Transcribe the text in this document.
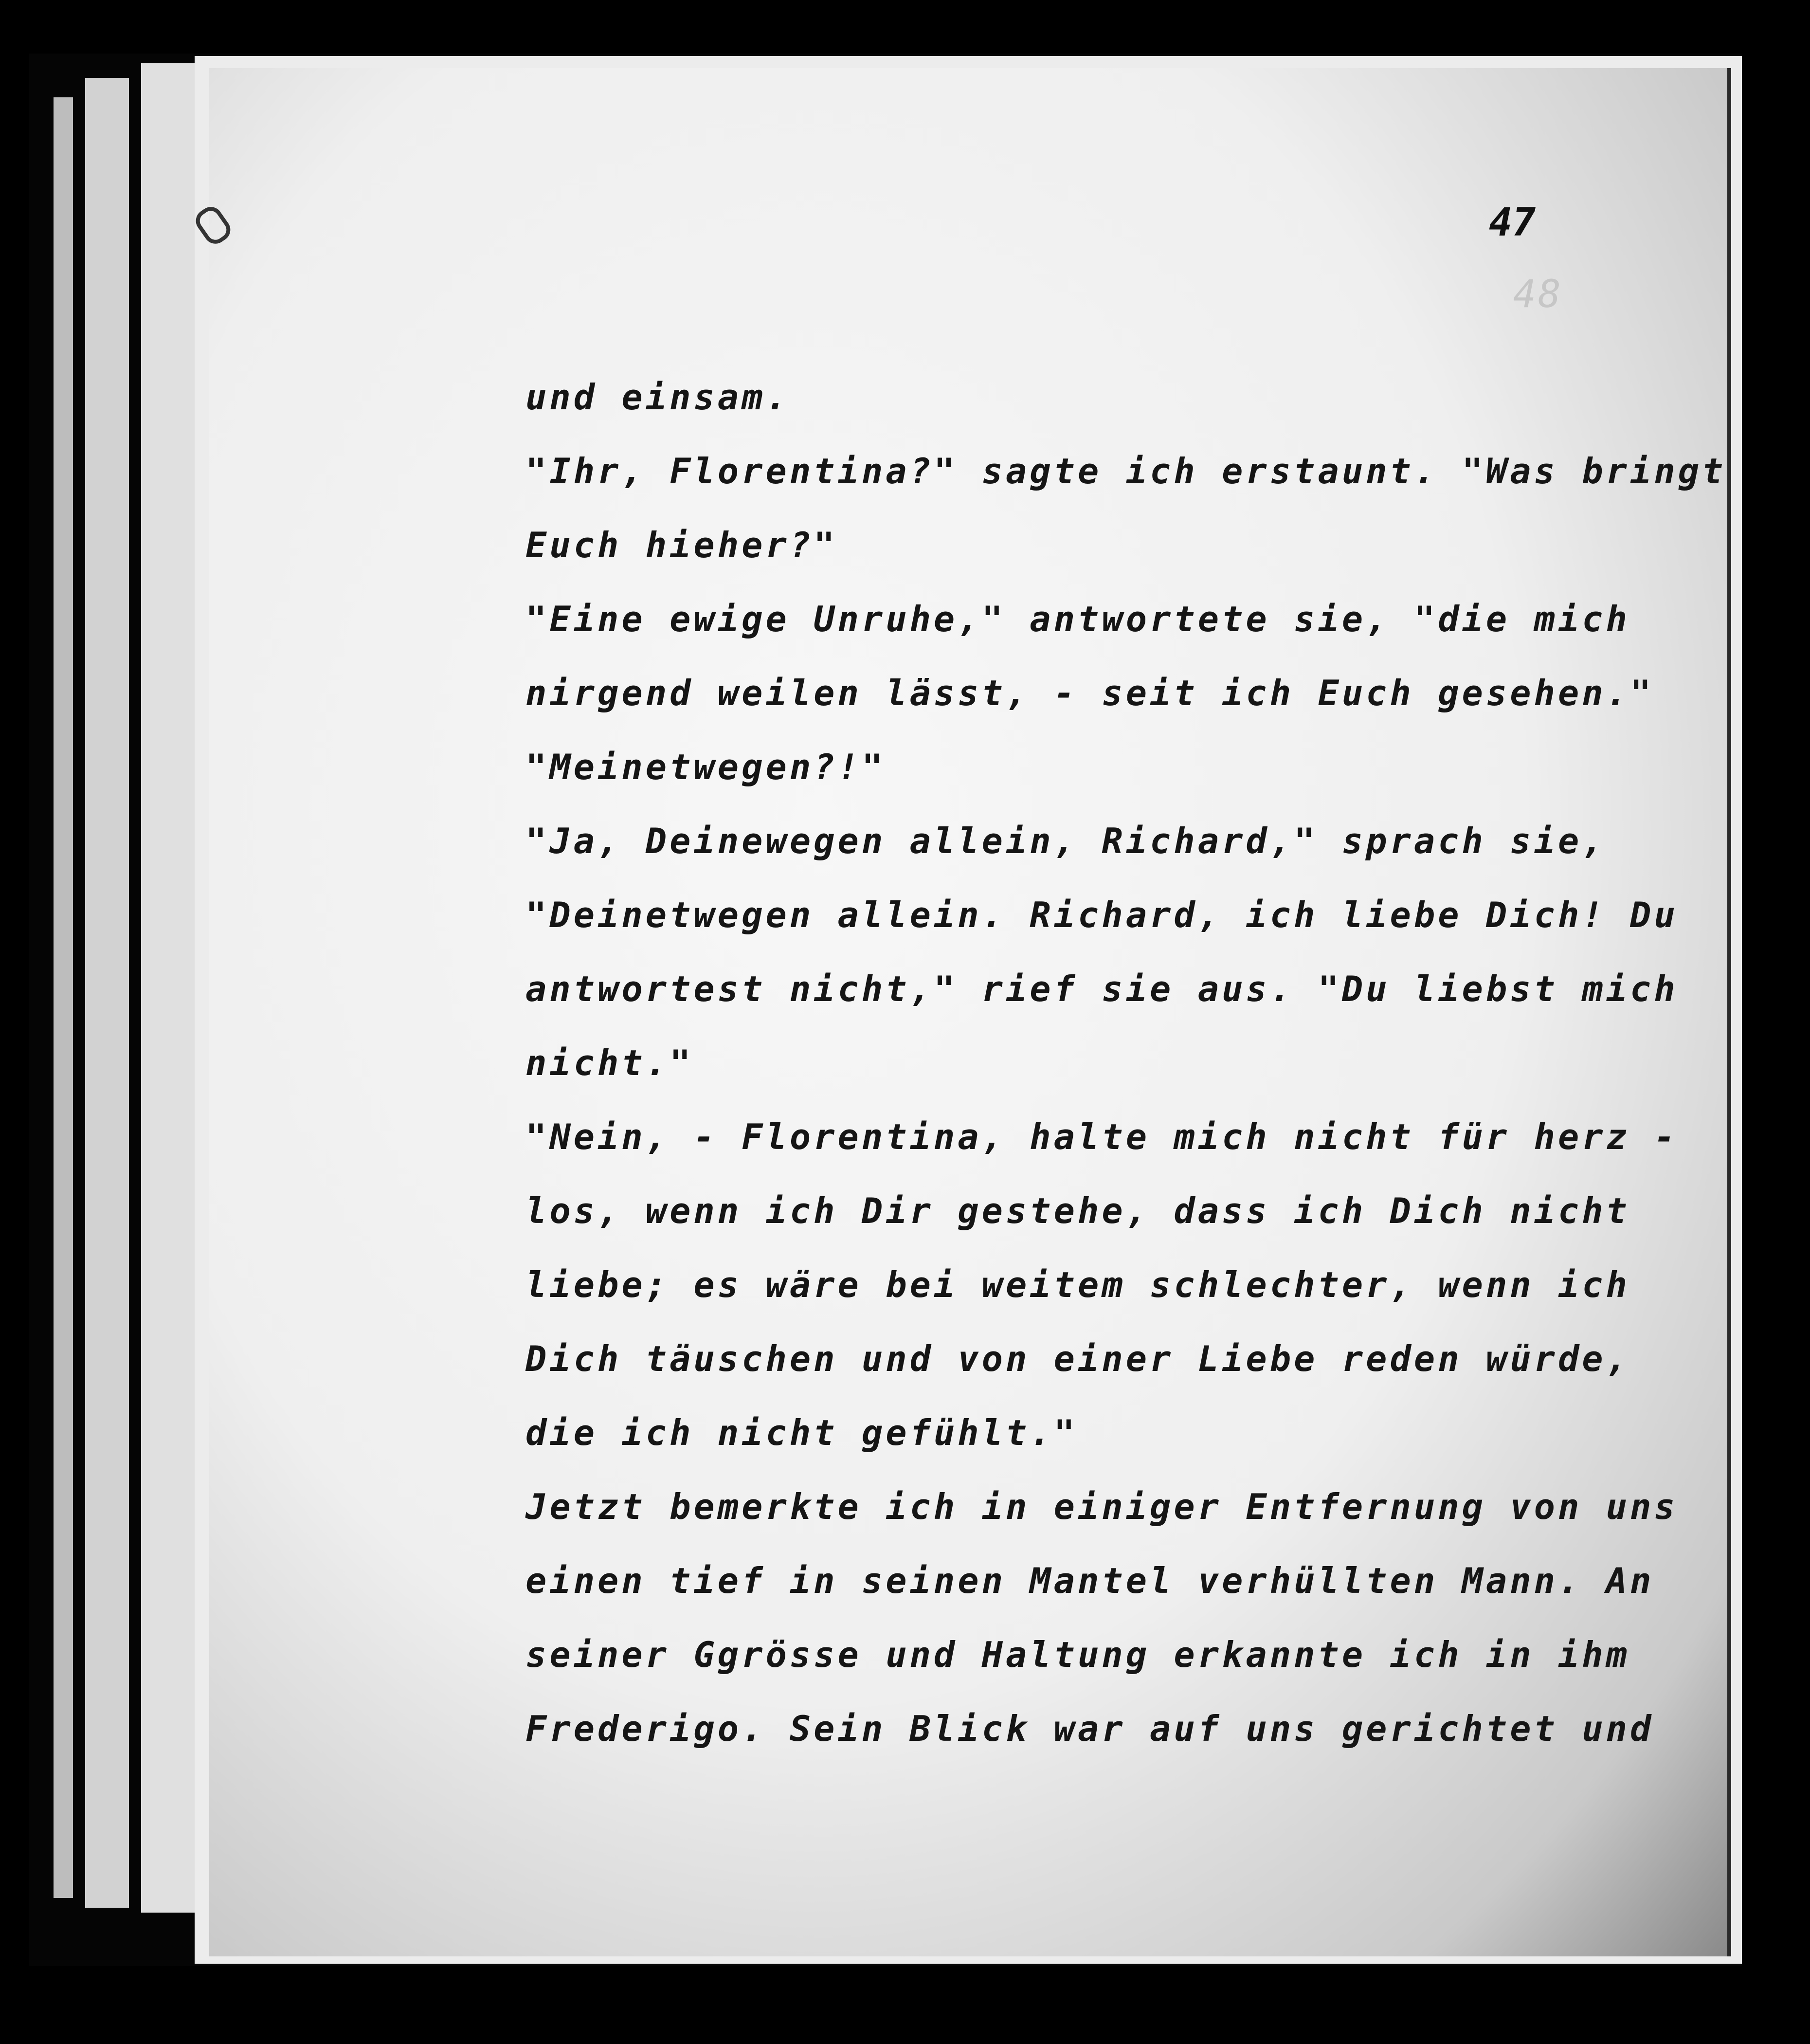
48
47
und einsam.
"Ihr, Florentina?" sagte ich erstaunt. "Was bringt
Euch hieher?"
"Eine ewige Unruhe," antwortete sie, "die mich
nirgend weilen lässt, - seit ich Euch gesehen."
"Meinetwegen?!"
"Ja, Deinewegen allein, Richard," sprach sie,
"Deinetwegen allein. Richard, ich liebe Dich! Du
antwortest nicht," rief sie aus. "Du liebst mich
nicht."
"Nein, - Florentina, halte mich nicht für herz -
los, wenn ich Dir gestehe, dass ich Dich nicht
liebe; es wäre bei weitem schlechter, wenn ich
Dich täuschen und von einer Liebe reden würde,
die ich nicht gefühlt."
Jetzt bemerkte ich in einiger Entfernung von uns
einen tief in seinen Mantel verhüllten Mann. An
seiner Ggrösse und Haltung erkannte ich in ihm
Frederigo. Sein Blick war auf uns gerichtet und
